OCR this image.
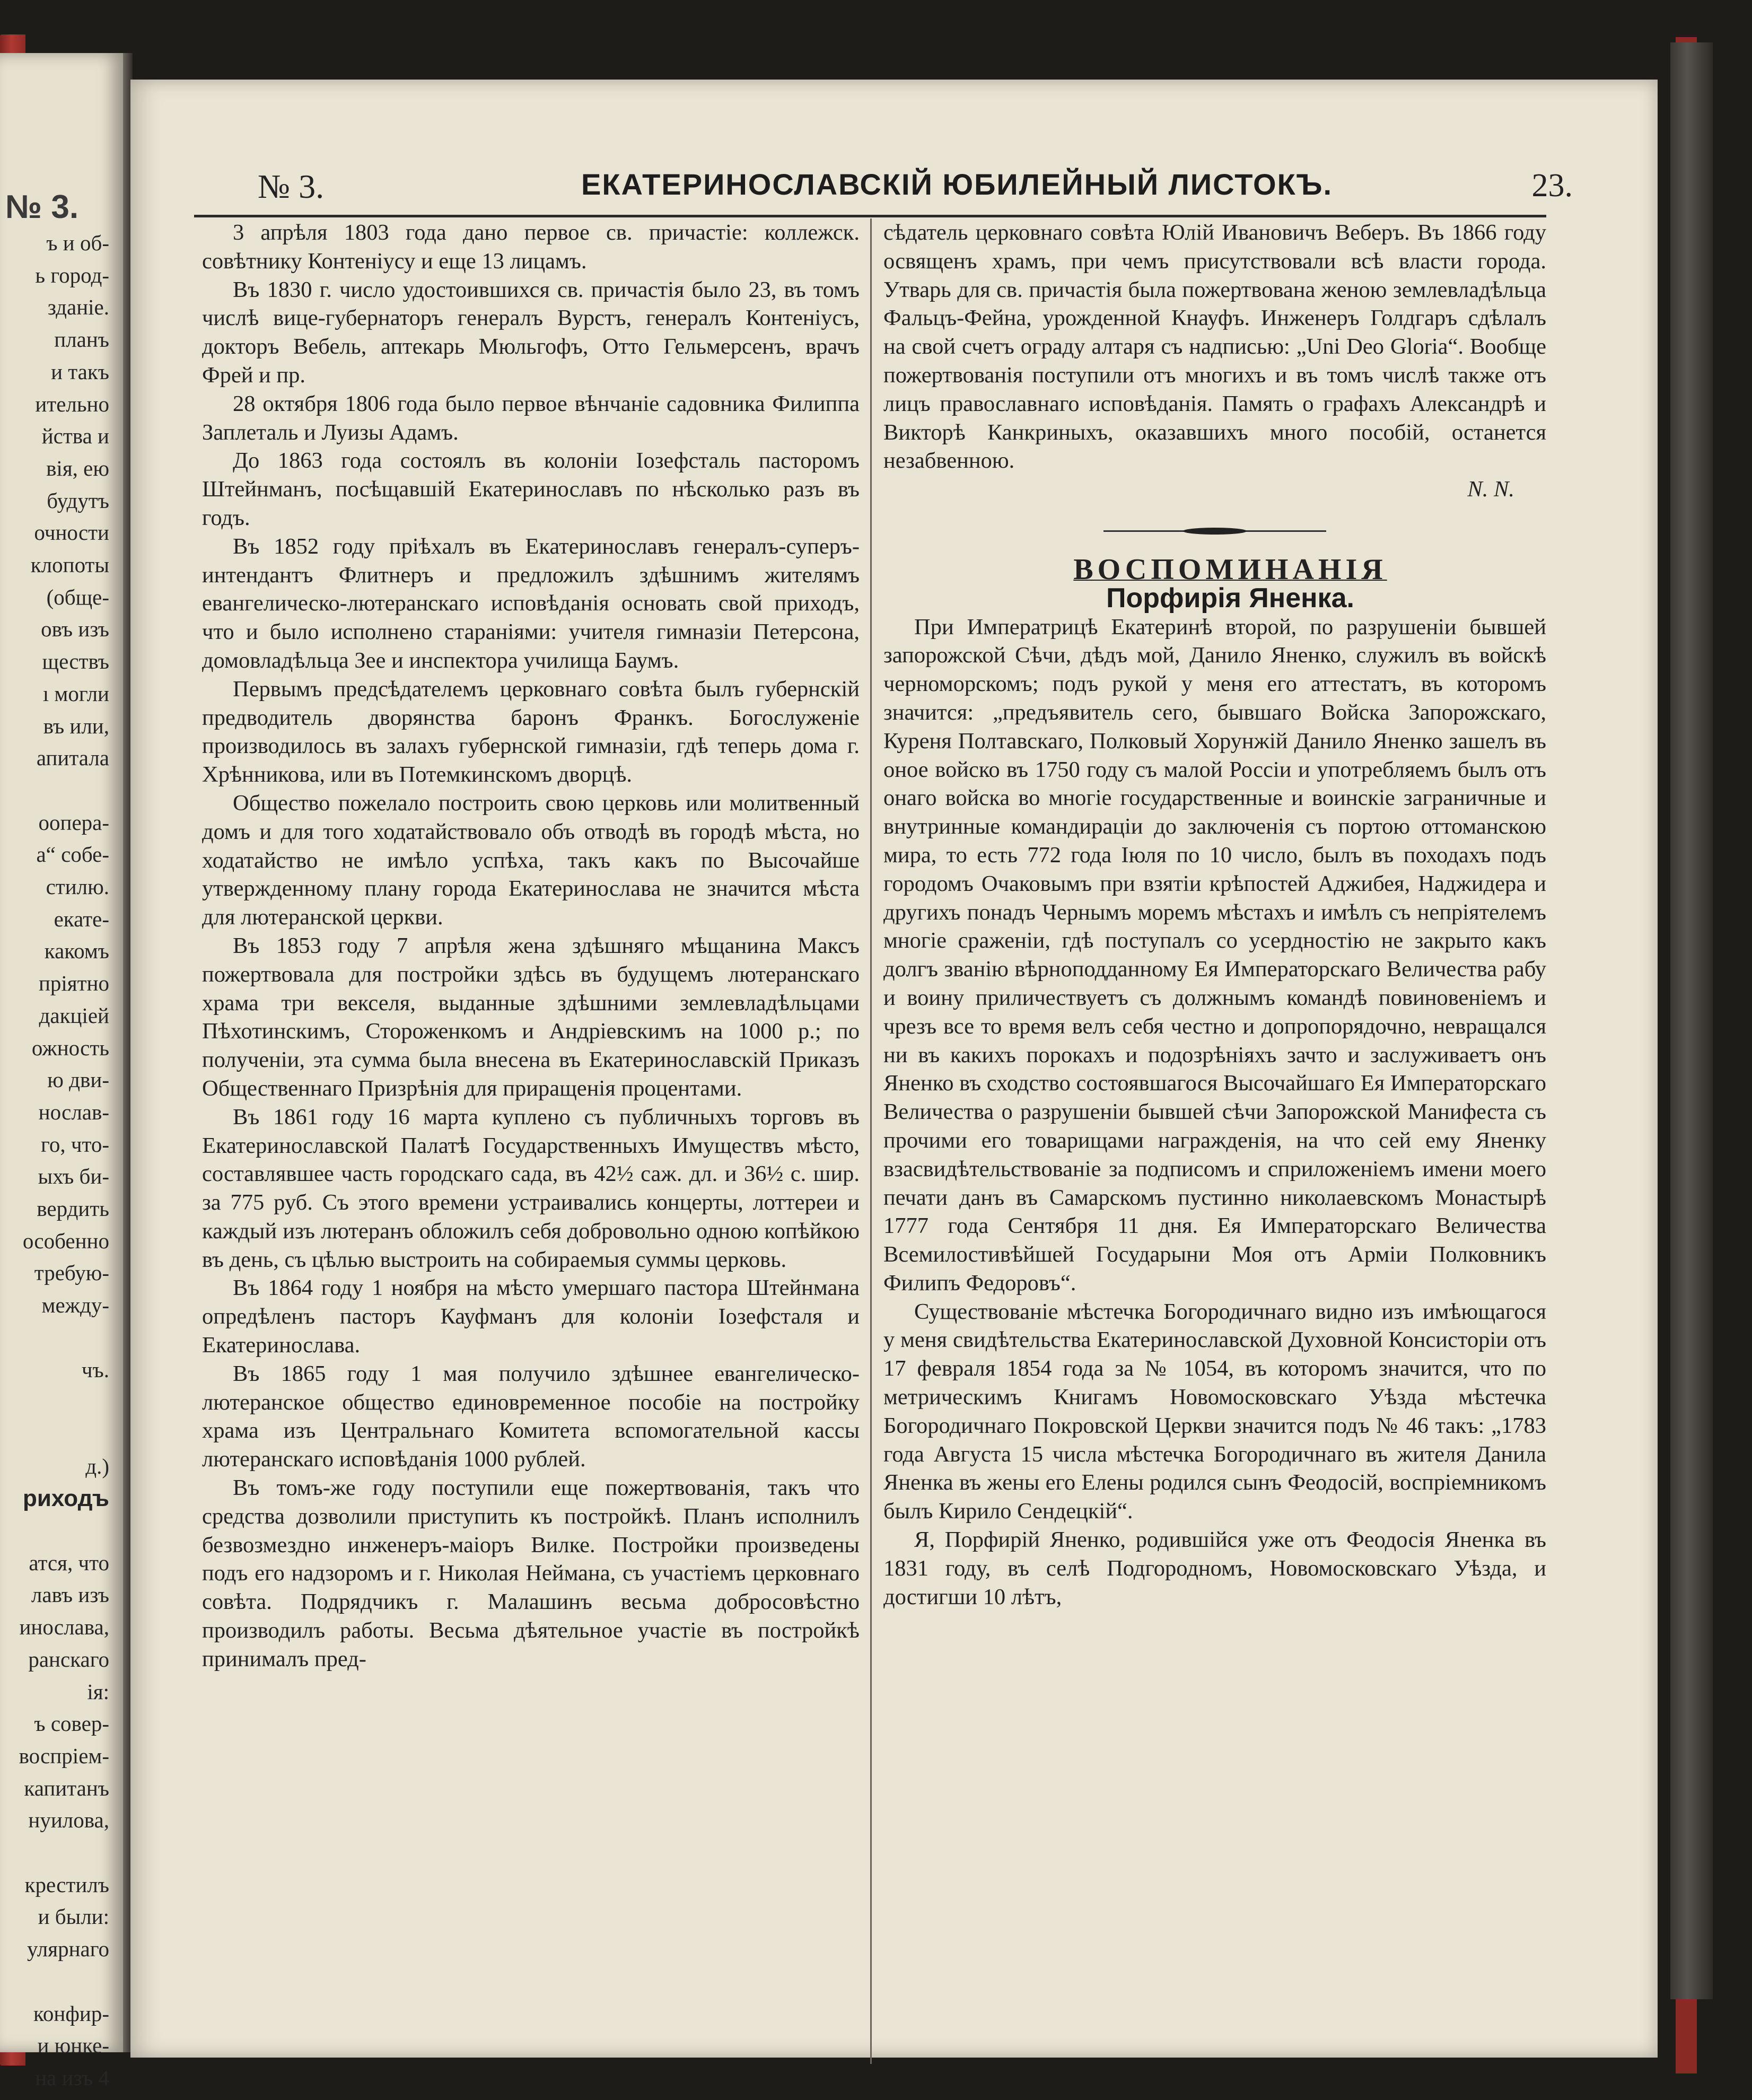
№ 3.
ъ и об-
ь город-
зданіе.
планъ
и такъ
ительно
йства и
вія, ею
будутъ
очности
клопоты
(обще-
овъ изъ
ществъ
ı могли
въ или,
апитала
оопера-
а“ собе-
стилю.
екате-
какомъ
пріятно
дакціей
ожность
ю дви-
нослав-
го, что-
ыхъ би-
вердить
особенно
требую-
между-
чъ.
д.)
риходъ
атся, что
лавъ изъ
инослава,
ранскаго
ія:
ъ совер-
воспріем-
капитанъ
нуилова,
крестилъ
и были:
улярнаго
конфир-
и юнке-
на изъ 4
№ 3.	ЕКАТЕРИНОСЛАВСКІЙ ЮБИЛЕЙНЫЙ ЛИСТОКЪ.	23.

3 апрѣля 1803 года дано первое св. причастіе: коллежск. совѣтнику Контеніусу и еще 13 лицамъ.

Въ 1830 г. число удостоившихся св. причастія было 23, въ томъ числѣ вице-губернаторъ генералъ Вурстъ, генералъ Контеніусъ, докторъ Вебель, аптекарь Мюльгофъ, Отто Гельмерсенъ, врачъ Фрей и пр.

28 октября 1806 года было первое вѣнчаніе садовника Филиппа Заплеталь и Луизы Адамъ.

До 1863 года состоялъ въ колоніи Іозефсталь пасторомъ Штейнманъ, посѣщавшій Екатеринославъ по нѣсколько разъ въ годъ.

Въ 1852 году пріѣхалъ въ Екатеринославъ генералъ-суперъ-интендантъ Флитнеръ и предложилъ здѣшнимъ жителямъ евангелическо-лютеранскаго исповѣданія основать свой приходъ, что и было исполнено стараніями: учителя гимназіи Петерсона, домовладѣльца Зее и инспектора училища Баумъ.

Первымъ предсѣдателемъ церковнаго совѣта былъ губернскій предводитель дворянства баронъ Франкъ. Богослуженіе производилось въ залахъ губернской гимназіи, гдѣ теперь дома г. Хрѣнникова, или въ Потемкинскомъ дворцѣ.

Общество пожелало построить свою церковь или молитвенный домъ и для того ходатайствовало объ отводѣ въ городѣ мѣста, но ходатайство не имѣло успѣха, такъ какъ по Высочайше утвержденному плану города Екатеринослава не значится мѣста для лютеранской церкви.

Въ 1853 году 7 апрѣля жена здѣшняго мѣщанина Максъ пожертвовала для постройки здѣсь въ будущемъ лютеранскаго храма три векселя, выданные здѣшними землевладѣльцами Пѣхотинскимъ, Стороженкомъ и Андріевскимъ на 1000 р.; по полученіи, эта сумма была внесена въ Екатеринославскій Приказъ Общественнаго Призрѣнія для приращенія процентами.

Въ 1861 году 16 марта куплено съ публичныхъ торговъ въ Екатеринославской Палатѣ Государственныхъ Имуществъ мѣсто, составлявшее часть городскаго сада, въ 42½ саж. дл. и 36½ с. шир. за 775 руб. Съ этого времени устраивались концерты, лоттереи и каждый изъ лютеранъ обложилъ себя добровольно одною копѣйкою въ день, съ цѣлью выстроить на собираемыя суммы церковь.

Въ 1864 году 1 ноября на мѣсто умершаго пастора Штейнмана опредѣленъ пасторъ Кауфманъ для колоніи Іозефсталя и Екатеринослава.

Въ 1865 году 1 мая получило здѣшнее евангелическо-лютеранское общество единовременное пособіе на постройку храма изъ Центральнаго Комитета вспомогательной кассы лютеранскаго исповѣданія 1000 рублей.

Въ томъ-же году поступили еще пожертвованія, такъ что средства дозволили приступить къ постройкѣ. Планъ исполнилъ безвозмездно инженеръ-маіоръ Вилке. Постройки произведены подъ его надзоромъ и г. Николая Неймана, съ участіемъ церковнаго совѣта. Подрядчикъ г. Малашинъ весьма добросовѣстно производилъ работы. Весьма дѣятельное участіе въ постройкѣ принималъ пред-

сѣдатель церковнаго совѣта Юлій Ивановичъ Веберъ. Въ 1866 году освященъ храмъ, при чемъ присутствовали всѣ власти города. Утварь для св. причастія была пожертвована женою землевладѣльца Фальцъ-Фейна, урожденной Кнауфъ. Инженеръ Голдгаръ сдѣлалъ на свой счетъ ограду алтаря съ надписью: „Uni Deo Gloria“. Вообще пожертвованія поступили отъ многихъ и въ томъ числѣ также отъ лицъ православнаго исповѣданія. Память о графахъ Александрѣ и Викторѣ Канкриныхъ, оказавшихъ много пособій, останется незабвенною.

N. N.

ВОСПОМИНАНІЯ

Порфирія Яненка.

При Императрицѣ Екатеринѣ второй, по разрушеніи бывшей запорожской Сѣчи, дѣдъ мой, Данило Яненко, служилъ въ войскѣ черноморскомъ; подъ рукой у меня его аттестатъ, въ которомъ значится: „предъявитель сего, бывшаго Войска Запорожскаго, Куреня Полтавскаго, Полковый Хорунжій Данило Яненко зашелъ въ оное войско въ 1750 году съ малой Россіи и употребляемъ былъ отъ онаго войска во многіе государственные и воинскіе заграничные и внутринные командираціи до заключенія съ портою оттоманскою мира, то есть 772 года Іюля по 10 число, былъ въ походахъ подъ городомъ Очаковымъ при взятіи крѣпостей Аджибея, Наджидера и другихъ понадъ Чернымъ моремъ мѣстахъ и имѣлъ съ непріятелемъ многіе сраженіи, гдѣ поступалъ со усердностію не закрыто какъ долгъ званію вѣрноподданному Ея Императорскаго Величества рабу и воину приличествуетъ съ должнымъ командѣ повиновеніемъ и чрезъ все то время велъ себя честно и допропорядочно, невращался ни въ какихъ порокахъ и подозрѣніяхъ зачто и заслуживаетъ онъ Яненко въ сходство состоявшагося Высочайшаго Ея Императорскаго Величества о разрушеніи бывшей сѣчи Запорожской Манифеста съ прочими его товарищами награжденія, на что сей ему Яненку взасвидѣтельствованіе за подписомъ и сприложеніемъ имени моего печати данъ въ Самарскомъ пустинно николаевскомъ Монастырѣ 1777 года Сентября 11 дня. Ея Императорскаго Величества Всемилостивѣйшей Государыни Моя отъ Арміи Полковникъ Филипъ Федоровъ“.

Существованіе мѣстечка Богородичнаго видно изъ имѣющагося у меня свидѣтельства Екатеринославской Духовной Консисторіи отъ 17 февраля 1854 года за № 1054, въ которомъ значится, что по метрическимъ Книгамъ Новомосковскаго Уѣзда мѣстечка Богородичнаго Покровской Церкви значится подъ № 46 такъ: „1783 года Августа 15 числа мѣстечка Богородичнаго въ жителя Данила Яненка въ жены его Елены родился сынъ Феодосій, воспріемникомъ былъ Кирило Сендецкій“.

Я, Порфирій Яненко, родившійся уже отъ Феодосія Яненка въ 1831 году, въ селѣ Подгородномъ, Новомосковскаго Уѣзда, и достигши 10 лѣтъ,
